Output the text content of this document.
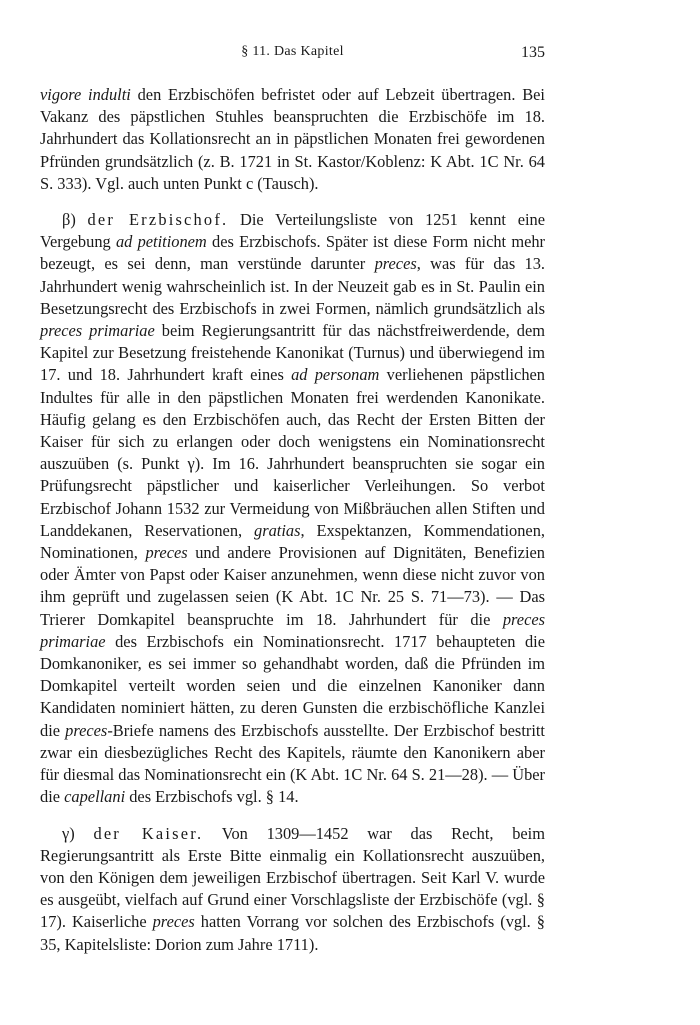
§ 11. Das Kapitel	135

vigore indulti den Erzbischöfen befristet oder auf Lebzeit übertragen. Bei Vakanz des päpstlichen Stuhles beanspruchten die Erzbischöfe im 18. Jahrhundert das Kollationsrecht an in päpstlichen Monaten frei gewordenen Pfründen grundsätzlich (z. B. 1721 in St. Kastor/Koblenz: K Abt. 1C Nr. 64 S. 333). Vgl. auch unten Punkt c (Tausch).

β) der Erzbischof. Die Verteilungsliste von 1251 kennt eine Vergebung ad petitionem des Erzbischofs. Später ist diese Form nicht mehr bezeugt, es sei denn, man verstünde darunter preces, was für das 13. Jahrhundert wenig wahrscheinlich ist. In der Neuzeit gab es in St. Paulin ein Besetzungsrecht des Erzbischofs in zwei Formen, nämlich grundsätzlich als preces primariae beim Regierungsantritt für das nächstfreiwerdende, dem Kapitel zur Besetzung freistehende Kanonikat (Turnus) und überwiegend im 17. und 18. Jahrhundert kraft eines ad personam verliehenen päpstlichen Indultes für alle in den päpstlichen Monaten frei werdenden Kanonikate. Häufig gelang es den Erzbischöfen auch, das Recht der Ersten Bitten der Kaiser für sich zu erlangen oder doch wenigstens ein Nominationsrecht auszuüben (s. Punkt γ). Im 16. Jahrhundert beanspruchten sie sogar ein Prüfungsrecht päpstlicher und kaiserlicher Verleihungen. So verbot Erzbischof Johann 1532 zur Vermeidung von Mißbräuchen allen Stiften und Landdekanen, Reservationen, gratias, Exspektanzen, Kommendationen, Nominationen, preces und andere Provisionen auf Dignitäten, Benefizien oder Ämter von Papst oder Kaiser anzunehmen, wenn diese nicht zuvor von ihm geprüft und zugelassen seien (K Abt. 1C Nr. 25 S. 71—73). — Das Trierer Domkapitel beanspruchte im 18. Jahrhundert für die preces primariae des Erzbischofs ein Nominationsrecht. 1717 behaupteten die Domkanoniker, es sei immer so gehandhabt worden, daß die Pfründen im Domkapitel verteilt worden seien und die einzelnen Kanoniker dann Kandidaten nominiert hätten, zu deren Gunsten die erzbischöfliche Kanzlei die preces-Briefe namens des Erzbischofs ausstellte. Der Erzbischof bestritt zwar ein diesbezügliches Recht des Kapitels, räumte den Kanonikern aber für diesmal das Nominationsrecht ein (K Abt. 1C Nr. 64 S. 21—28). — Über die capellani des Erzbischofs vgl. § 14.

γ) der Kaiser. Von 1309—1452 war das Recht, beim Regierungsantritt als Erste Bitte einmalig ein Kollationsrecht auszuüben, von den Königen dem jeweiligen Erzbischof übertragen. Seit Karl V. wurde es ausgeübt, vielfach auf Grund einer Vorschlagsliste der Erzbischöfe (vgl. § 17). Kaiserliche preces hatten Vorrang vor solchen des Erzbischofs (vgl. § 35, Kapitelsliste: Dorion zum Jahre 1711).
